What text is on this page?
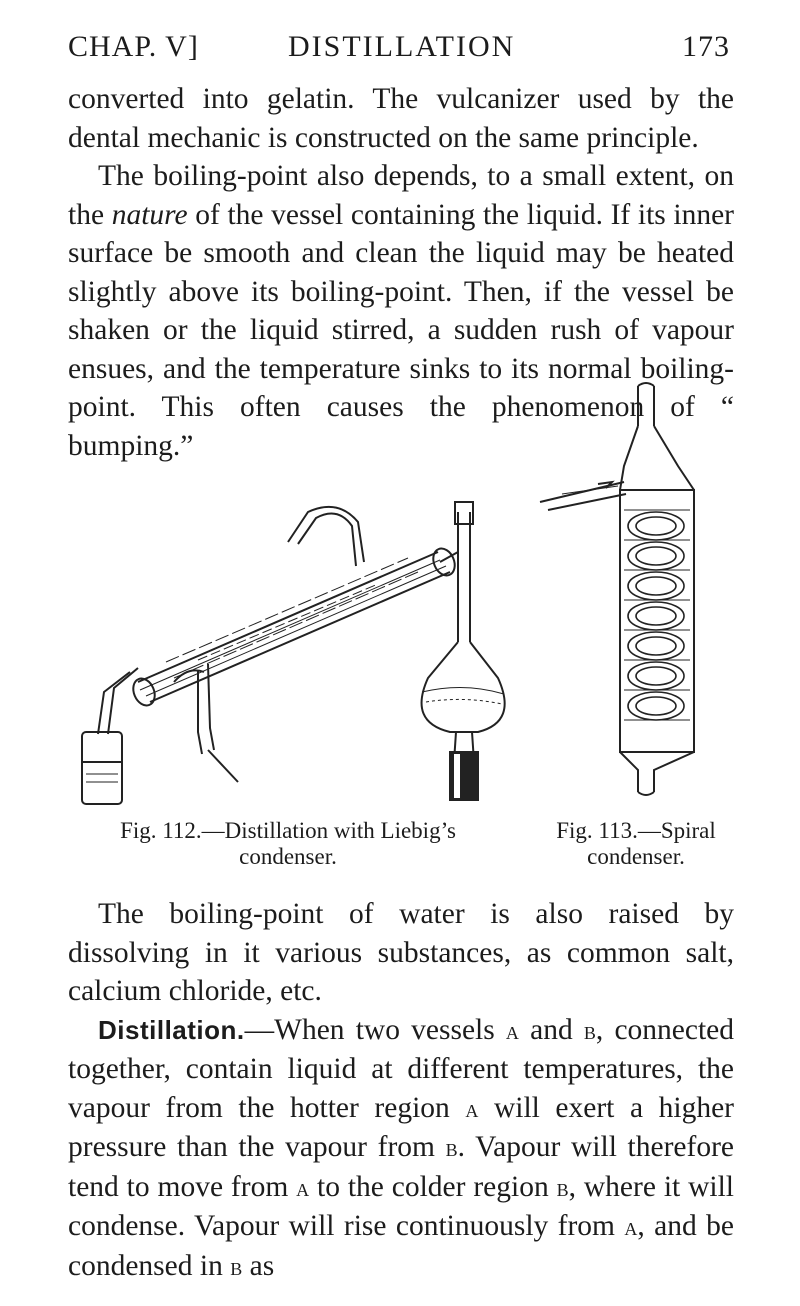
CHAP. V]	DISTILLATION	173

converted into gelatin. The vulcanizer used by the dental mechanic is constructed on the same principle.

The boiling-point also depends, to a small extent, on the nature of the vessel containing the liquid. If its inner surface be smooth and clean the liquid may be heated slightly above its boiling-point. Then, if the vessel be shaken or the liquid stirred, a sudden rush of vapour ensues, and the temperature sinks to its normal boiling-point. This often causes the phenomenon of “ bumping.”

Fig. 112.—Distillation with Liebig’s
condenser.
Fig. 113.—Spiral
condenser.

The boiling-point of water is also raised by dissolving in it various substances, as common salt, calcium chloride, etc.

Distillation.—When two vessels a and b, connected together, contain liquid at different temperatures, the vapour from the hotter region a will exert a higher pressure than the vapour from b. Vapour will therefore tend to move from a to the colder region b, where it will condense. Vapour will rise continuously from a, and be condensed in b as
